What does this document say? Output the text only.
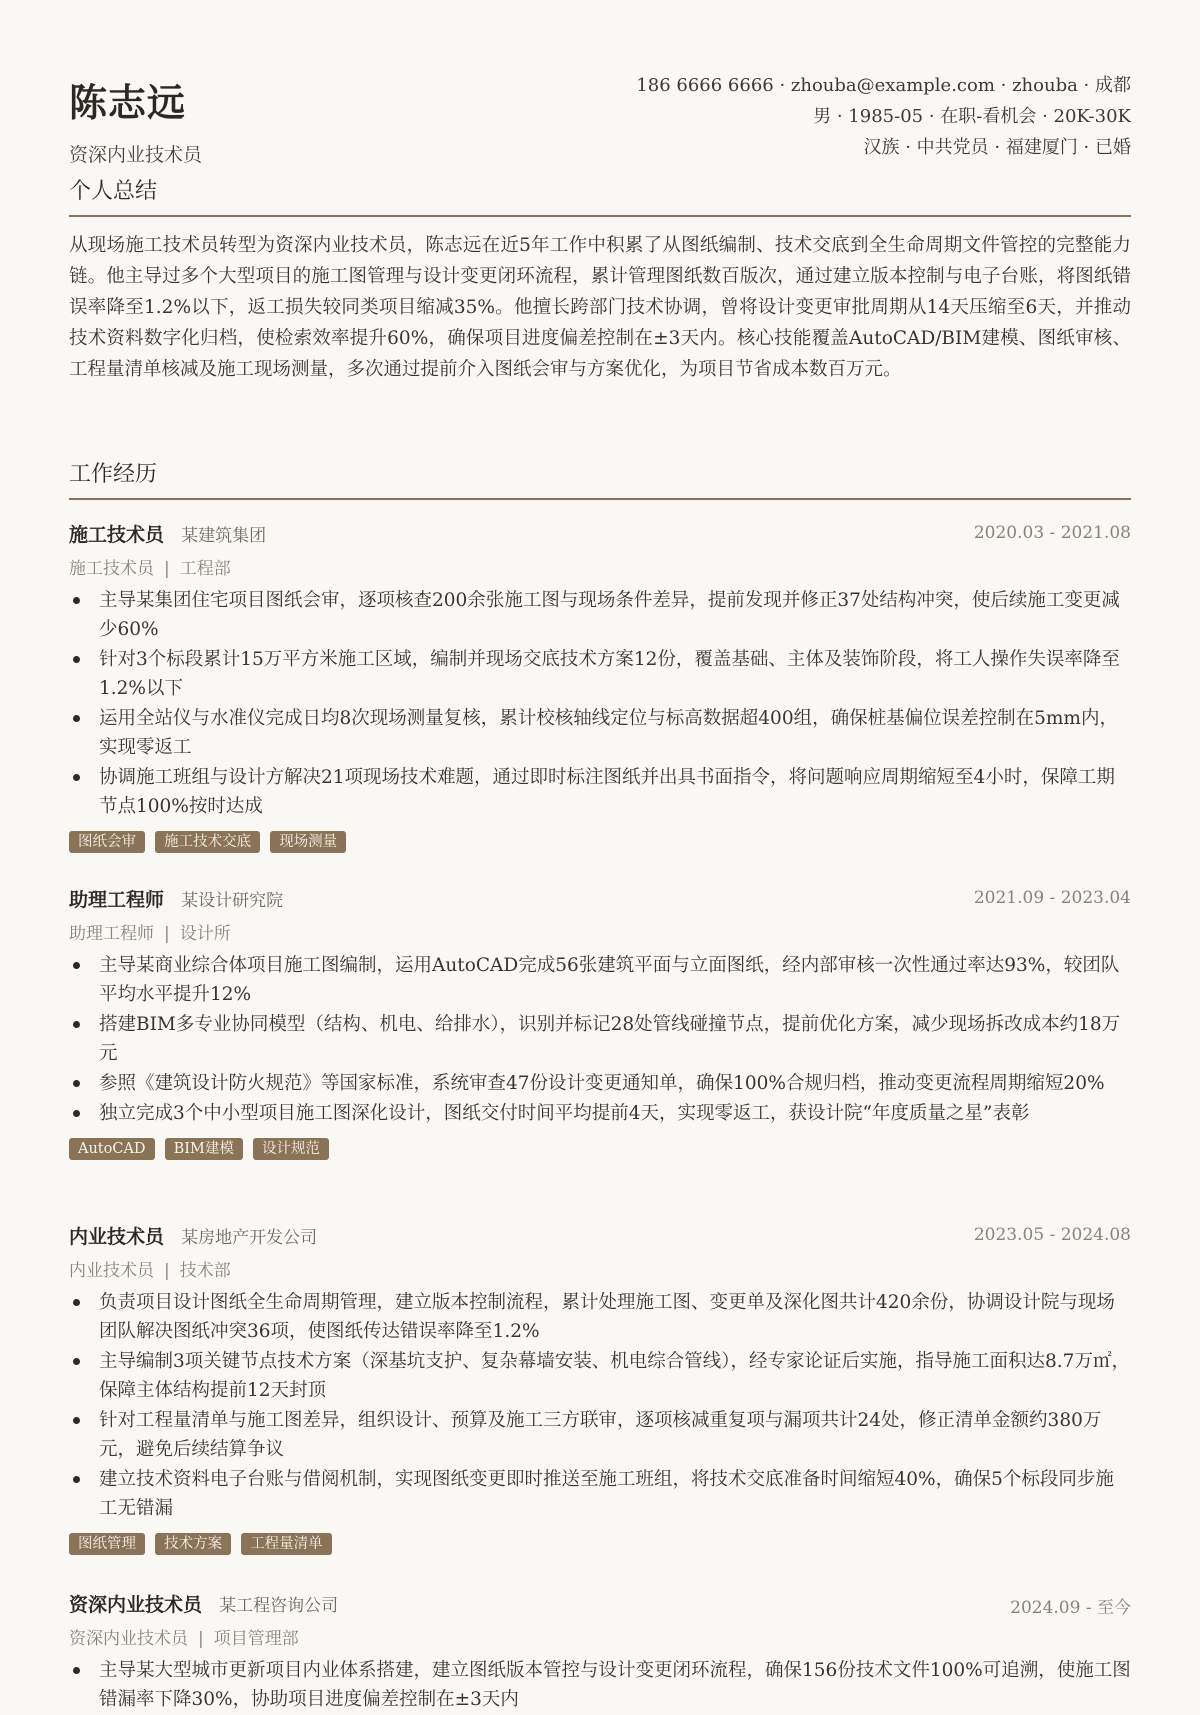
陈志远
资深内业技术员
186 6666 6666 · zhouba@example.com · zhouba · 成都
男 · 1985-05 · 在职-看机会 · 20K-30K
汉族 · 中共党员 · 福建厦门 · 已婚
个人总结
从现场施工技术员转型为资深内业技术员，陈志远在近5年工作中积累了从图纸编制、技术交底到全生命周期文件管控的完整能力链。他主导过多个大型项目的施工图管理与设计变更闭环流程，累计管理图纸数百版次，通过建立版本控制与电子台账，将图纸错误率降至1.2%以下，返工损失较同类项目缩减35%。他擅长跨部门技术协调，曾将设计变更审批周期从14天压缩至6天，并推动技术资料数字化归档，使检索效率提升60%，确保项目进度偏差控制在±3天内。核心技能覆盖AutoCAD/BIM建模、图纸审核、工程量清单核减及施工现场测量，多次通过提前介入图纸会审与方案优化，为项目节省成本数百万元。
工作经历
施工技术员 某建筑集团	2020.03 - 2021.08
施工技术员 | 工程部
主导某集团住宅项目图纸会审，逐项核查200余张施工图与现场条件差异，提前发现并修正37处结构冲突，使后续施工变更减少60%
针对3个标段累计15万平方米施工区域，编制并现场交底技术方案12份，覆盖基础、主体及装饰阶段，将工人操作失误率降至1.2%以下
运用全站仪与水准仪完成日均8次现场测量复核，累计校核轴线定位与标高数据超400组，确保桩基偏位误差控制在5mm内，实现零返工
协调施工班组与设计方解决21项现场技术难题，通过即时标注图纸并出具书面指令，将问题响应周期缩短至4小时，保障工期节点100%按时达成
图纸会审 施工技术交底 现场测量
助理工程师 某设计研究院	2021.09 - 2023.04
助理工程师 | 设计所
主导某商业综合体项目施工图编制，运用AutoCAD完成56张建筑平面与立面图纸，经内部审核一次性通过率达93%，较团队平均水平提升12%
搭建BIM多专业协同模型（结构、机电、给排水），识别并标记28处管线碰撞节点，提前优化方案，减少现场拆改成本约18万元
参照《建筑设计防火规范》等国家标准，系统审查47份设计变更通知单，确保100%合规归档，推动变更流程周期缩短20%
独立完成3个中小型项目施工图深化设计，图纸交付时间平均提前4天，实现零返工，获设计院“年度质量之星”表彰
AutoCAD BIM建模 设计规范
内业技术员 某房地产开发公司	2023.05 - 2024.08
内业技术员 | 技术部
负责项目设计图纸全生命周期管理，建立版本控制流程，累计处理施工图、变更单及深化图共计420余份，协调设计院与现场团队解决图纸冲突36项，使图纸传达错误率降至1.2%
主导编制3项关键节点技术方案（深基坑支护、复杂幕墙安装、机电综合管线），经专家论证后实施，指导施工面积达8.7万㎡，保障主体结构提前12天封顶
针对工程量清单与施工图差异，组织设计、预算及施工三方联审，逐项核减重复项与漏项共计24处，修正清单金额约380万元，避免后续结算争议
建立技术资料电子台账与借阅机制，实现图纸变更即时推送至施工班组，将技术交底准备时间缩短40%，确保5个标段同步施工无错漏
图纸管理 技术方案 工程量清单
资深内业技术员 某工程咨询公司	2024.09 - 至今
资深内业技术员 | 项目管理部
主导某大型城市更新项目内业体系搭建，建立图纸版本管控与设计变更闭环流程，确保156份技术文件100%可追溯，使施工图错漏率下降30%，协助项目进度偏差控制在±3天内
